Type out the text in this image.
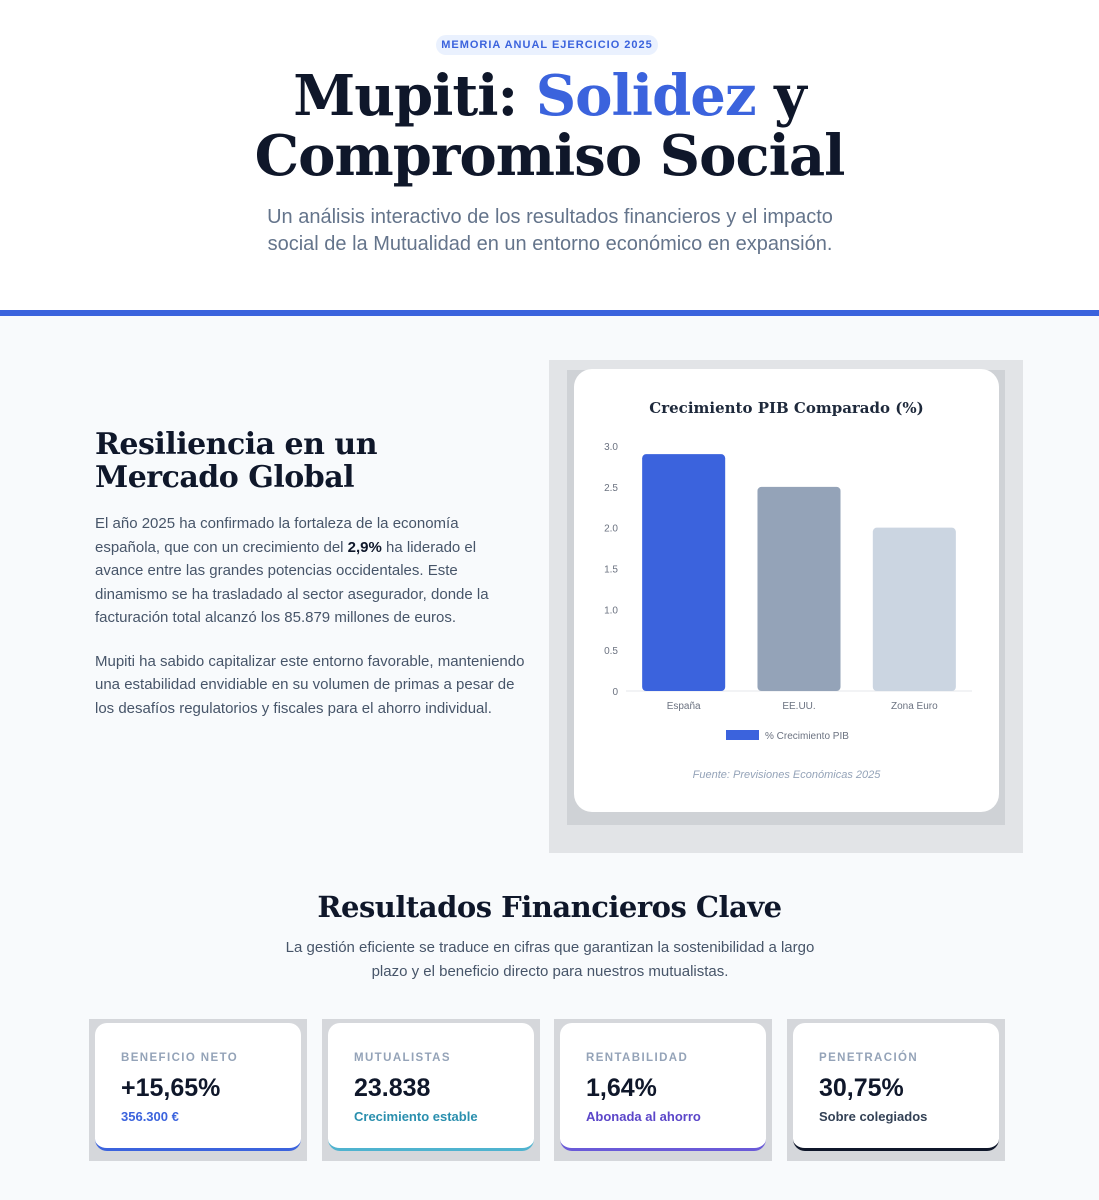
MEMORIA ANUAL EJERCICIO 2025
Mupiti: Solidez y
Compromiso Social

Un análisis interactivo de los resultados financieros y el impacto social de la Mutualidad en un entorno económico en expansión.

Resiliencia en un Mercado Global

El año 2025 ha confirmado la fortaleza de la economía española, que con un crecimiento del 2,9% ha liderado el avance entre las grandes potencias occidentales. Este dinamismo se ha trasladado al sector asegurador, donde la facturación total alcanzó los 85.879 millones de euros.

Mupiti ha sabido capitalizar este entorno favorable, manteniendo una estabilidad envidiable en su volumen de primas a pesar de los desafíos regulatorios y fiscales para el ahorro individual.

Crecimiento PIB Comparado (%)
0
0.5
1.0
1.5
2.0
2.5
3.0
España	EE.UU.	Zona Euro
% Crecimiento PIB
Fuente: Previsiones Económicas 2025
Resultados Financieros Clave

La gestión eficiente se traduce en cifras que garantizan la sostenibilidad a largo plazo y el beneficio directo para nuestros mutualistas.

BENEFICIO NETO
+15,65%
356.300 €
MUTUALISTAS
23.838
Crecimiento estable
RENTABILIDAD
1,64%
Abonada al ahorro
PENETRACIÓN
30,75%
Sobre colegiados
